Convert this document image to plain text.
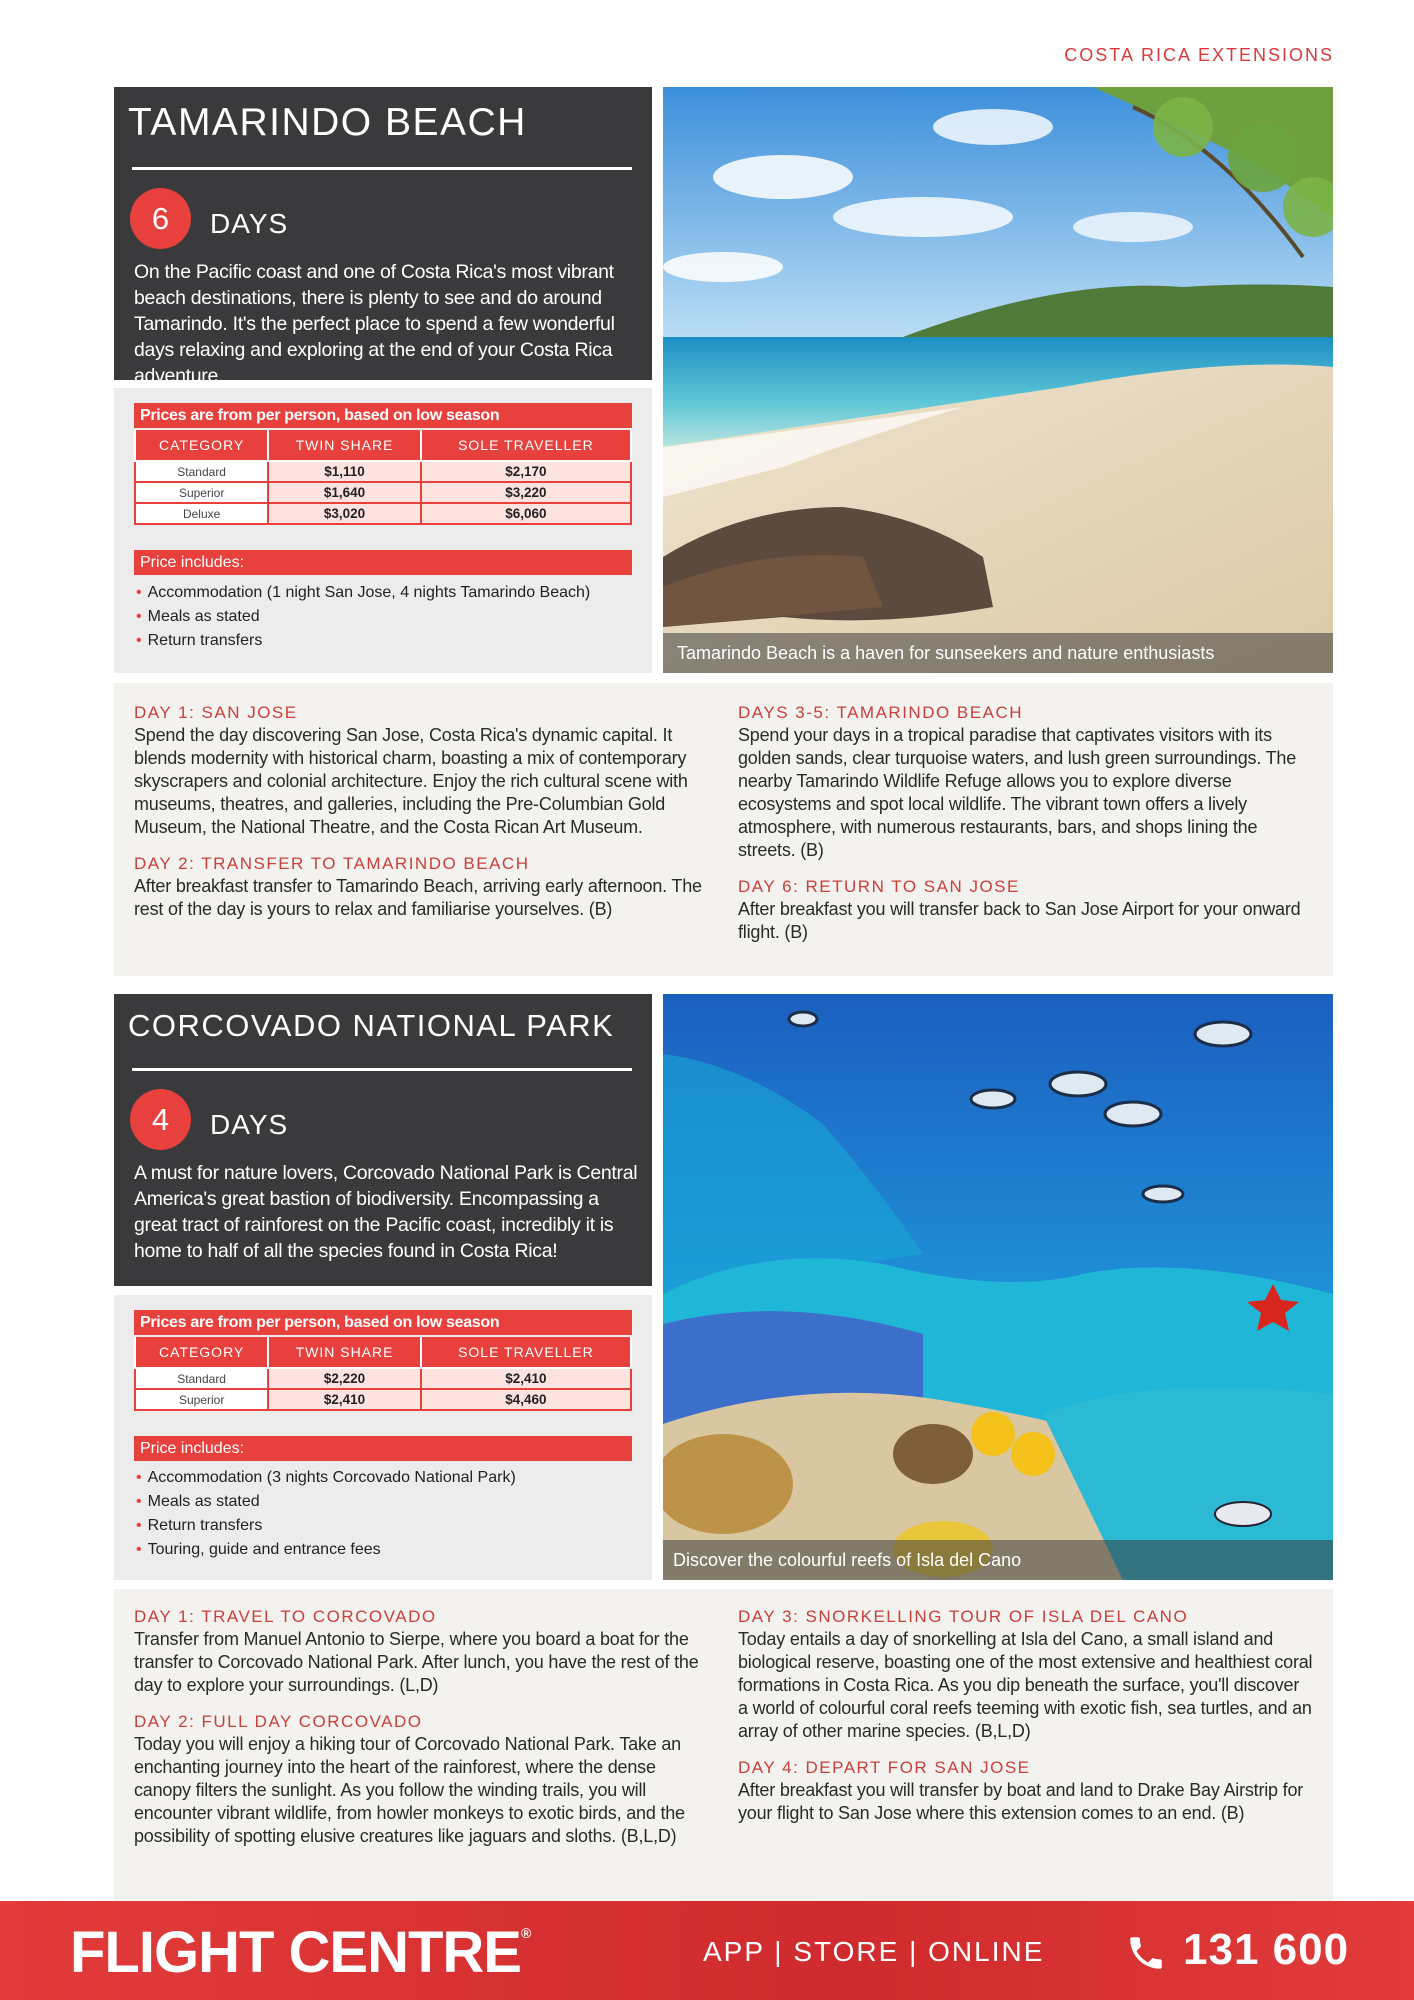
COSTA RICA EXTENSIONS
TAMARINDO BEACH
6	DAYS

On the Pacific coast and one of Costa Rica's most vibrant beach destinations, there is plenty to see and do around Tamarindo. It's the perfect place to spend a few wonderful days relaxing and exploring at the end of your Costa Rica adventure.

Prices are from per person, based on low season
CATEGORY	TWIN SHARE	SOLE TRAVELLER
Standard	$1,110	$2,170
Superior	$1,640	$3,220
Deluxe	$3,020	$6,060
Price includes:
• Accommodation (1 night San Jose, 4 nights Tamarindo Beach)
• Meals as stated
• Return transfers
Tamarindo Beach is a haven for sunseekers and nature enthusiasts
DAY 1: SAN JOSE
Spend the day discovering San Jose, Costa Rica's dynamic capital. It blends modernity with historical charm, boasting a mix of contemporary skyscrapers and colonial architecture. Enjoy the rich cultural scene with museums, theatres, and galleries, including the Pre-Columbian Gold Museum, the National Theatre, and the Costa Rican Art Museum.
DAY 2: TRANSFER TO TAMARINDO BEACH
After breakfast transfer to Tamarindo Beach, arriving early afternoon. The rest of the day is yours to relax and familiarise yourselves. (B)
DAYS 3-5: TAMARINDO BEACH
Spend your days in a tropical paradise that captivates visitors with its golden sands, clear turquoise waters, and lush green surroundings. The nearby Tamarindo Wildlife Refuge allows you to explore diverse ecosystems and spot local wildlife. The vibrant town offers a lively atmosphere, with numerous restaurants, bars, and shops lining the streets. (B)
DAY 6: RETURN TO SAN JOSE
After breakfast you will transfer back to San Jose Airport for your onward flight. (B)
CORCOVADO NATIONAL PARK
4	DAYS

A must for nature lovers, Corcovado National Park is Central America's great bastion of biodiversity. Encompassing a great tract of rainforest on the Pacific coast, incredibly it is home to half of all the species found in Costa Rica!

Prices are from per person, based on low season
CATEGORY	TWIN SHARE	SOLE TRAVELLER
Standard	$2,220	$2,410
Superior	$2,410	$4,460
Price includes:
• Accommodation (3 nights Corcovado National Park)
• Meals as stated
• Return transfers
• Touring, guide and entrance fees
Discover the colourful reefs of Isla del Cano
DAY 1: TRAVEL TO CORCOVADO
Transfer from Manuel Antonio to Sierpe, where you board a boat for the transfer to Corcovado National Park. After lunch, you have the rest of the day to explore your surroundings. (L,D)
DAY 2: FULL DAY CORCOVADO
Today you will enjoy a hiking tour of Corcovado National Park. Take an enchanting journey into the heart of the rainforest, where the dense canopy filters the sunlight. As you follow the winding trails, you will encounter vibrant wildlife, from howler monkeys to exotic birds, and the possibility of spotting elusive creatures like jaguars and sloths. (B,L,D)
DAY 3: SNORKELLING TOUR OF ISLA DEL CANO
Today entails a day of snorkelling at Isla del Cano, a small island and biological reserve, boasting one of the most extensive and healthiest coral formations in Costa Rica. As you dip beneath the surface, you'll discover a world of colourful coral reefs teeming with exotic fish, sea turtles, and an array of other marine species. (B,L,D)
DAY 4: DEPART FOR SAN JOSE
After breakfast you will transfer by boat and land to Drake Bay Airstrip for your flight to San Jose where this extension comes to an end. (B)
FLIGHT CENTRE®
APP | STORE | ONLINE	131 600
